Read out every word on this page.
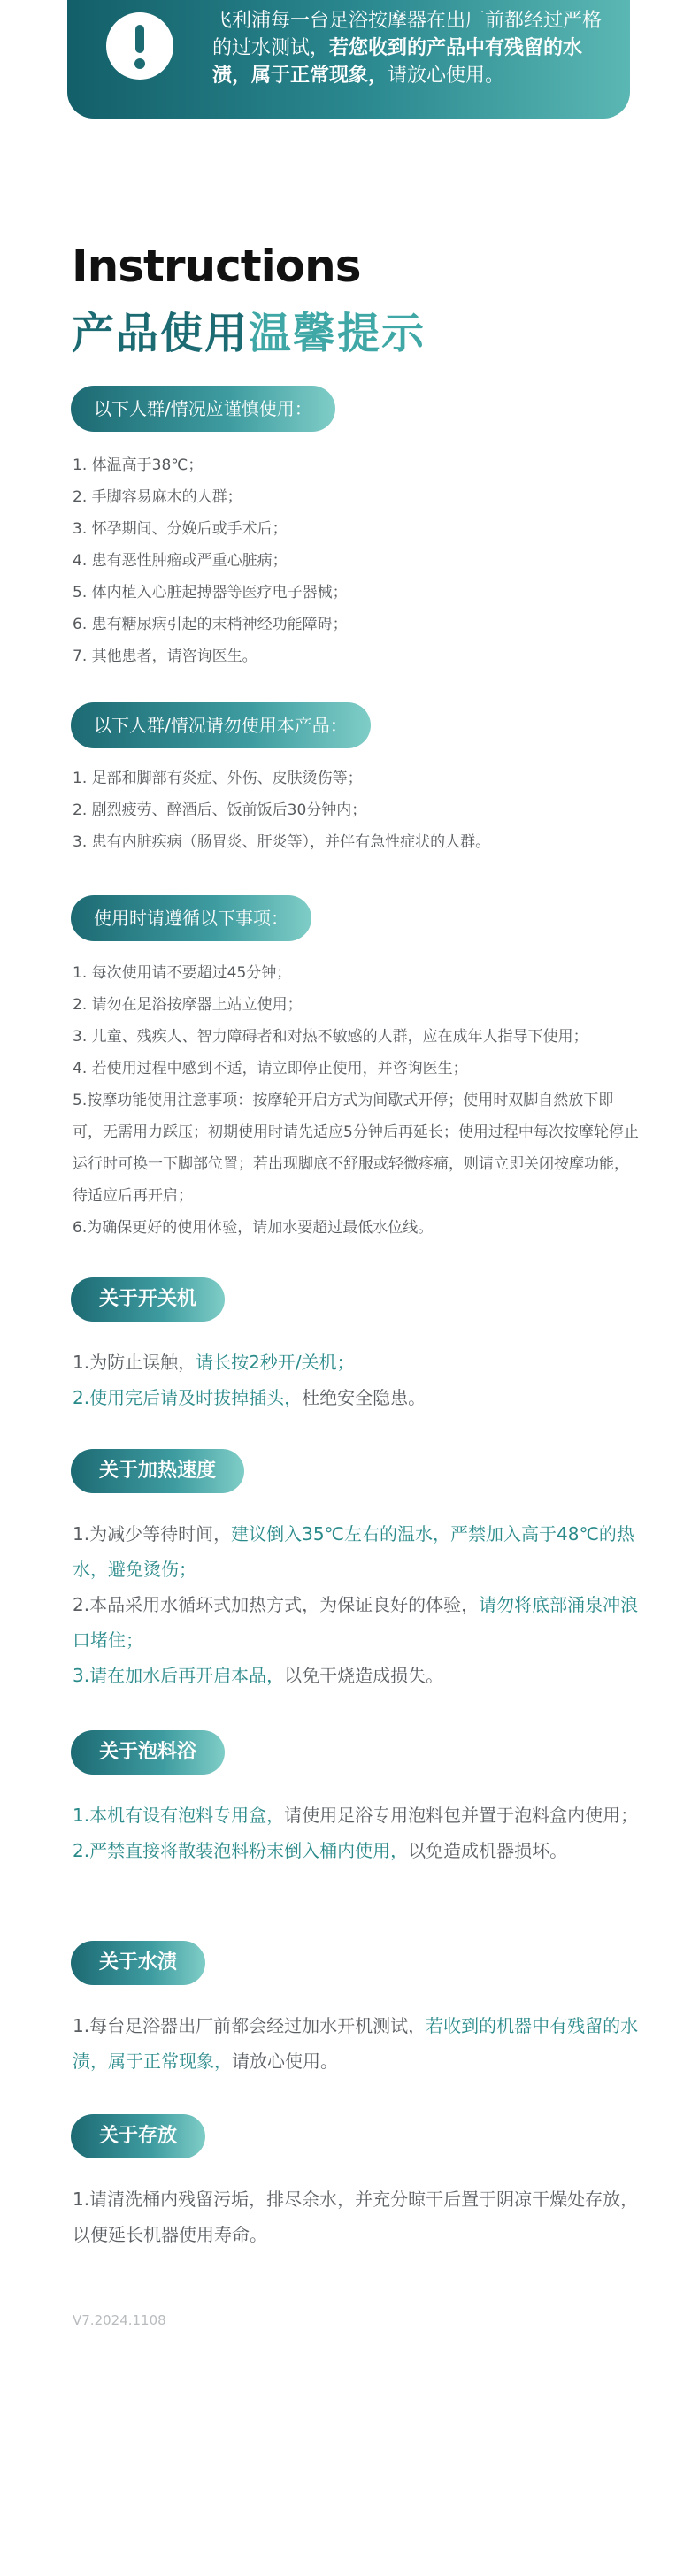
飞利浦每一台足浴按摩器在出厂前都经过严格的过水测试，若您收到的产品中有残留的水渍，属于正常现象，请放心使用。
Instructions
产品使用温馨提示
以下人群/情况应谨慎使用：

1. 体温高于38℃；

2. 手脚容易麻木的人群；

3. 怀孕期间、分娩后或手术后；

4. 患有恶性肿瘤或严重心脏病；

5. 体内植入心脏起搏器等医疗电子器械；

6. 患有糖尿病引起的末梢神经功能障碍；

7. 其他患者，请咨询医生。

以下人群/情况请勿使用本产品：

1. 足部和脚部有炎症、外伤、皮肤烫伤等；

2. 剧烈疲劳、醉酒后、饭前饭后30分钟内；

3. 患有内脏疾病（肠胃炎、肝炎等），并伴有急性症状的人群。

使用时请遵循以下事项：

1. 每次使用请不要超过45分钟；

2. 请勿在足浴按摩器上站立使用；

3. 儿童、残疾人、智力障碍者和对热不敏感的人群，应在成年人指导下使用；

4. 若使用过程中感到不适，请立即停止使用，并咨询医生；

5.按摩功能使用注意事项：按摩轮开启方式为间歇式开停；使用时双脚自然放下即可，无需用力踩压；初期使用时请先适应5分钟后再延长；使用过程中每次按摩轮停止运行时可换一下脚部位置；若出现脚底不舒服或轻微疼痛，则请立即关闭按摩功能，待适应后再开启；

6.为确保更好的使用体验，请加水要超过最低水位线。

关于开关机

1.为防止误触，请长按2秒开/关机；

2.使用完后请及时拔掉插头，杜绝安全隐患。

关于加热速度

1.为减少等待时间，建议倒入35℃左右的温水，严禁加入高于48℃的热水，避免烫伤；

2.本品采用水循环式加热方式，为保证良好的体验，请勿将底部涌泉冲浪口堵住；

3.请在加水后再开启本品，以免干烧造成损失。

关于泡料浴

1.本机有设有泡料专用盒，请使用足浴专用泡料包并置于泡料盒内使用；

2.严禁直接将散装泡料粉末倒入桶内使用，以免造成机器损坏。

关于水渍

1.每台足浴器出厂前都会经过加水开机测试，若收到的机器中有残留的水渍，属于正常现象，请放心使用。

关于存放

1.请清洗桶内残留污垢，排尽余水，并充分晾干后置于阴凉干燥处存放，以便延长机器使用寿命。

V7.2024.1108
